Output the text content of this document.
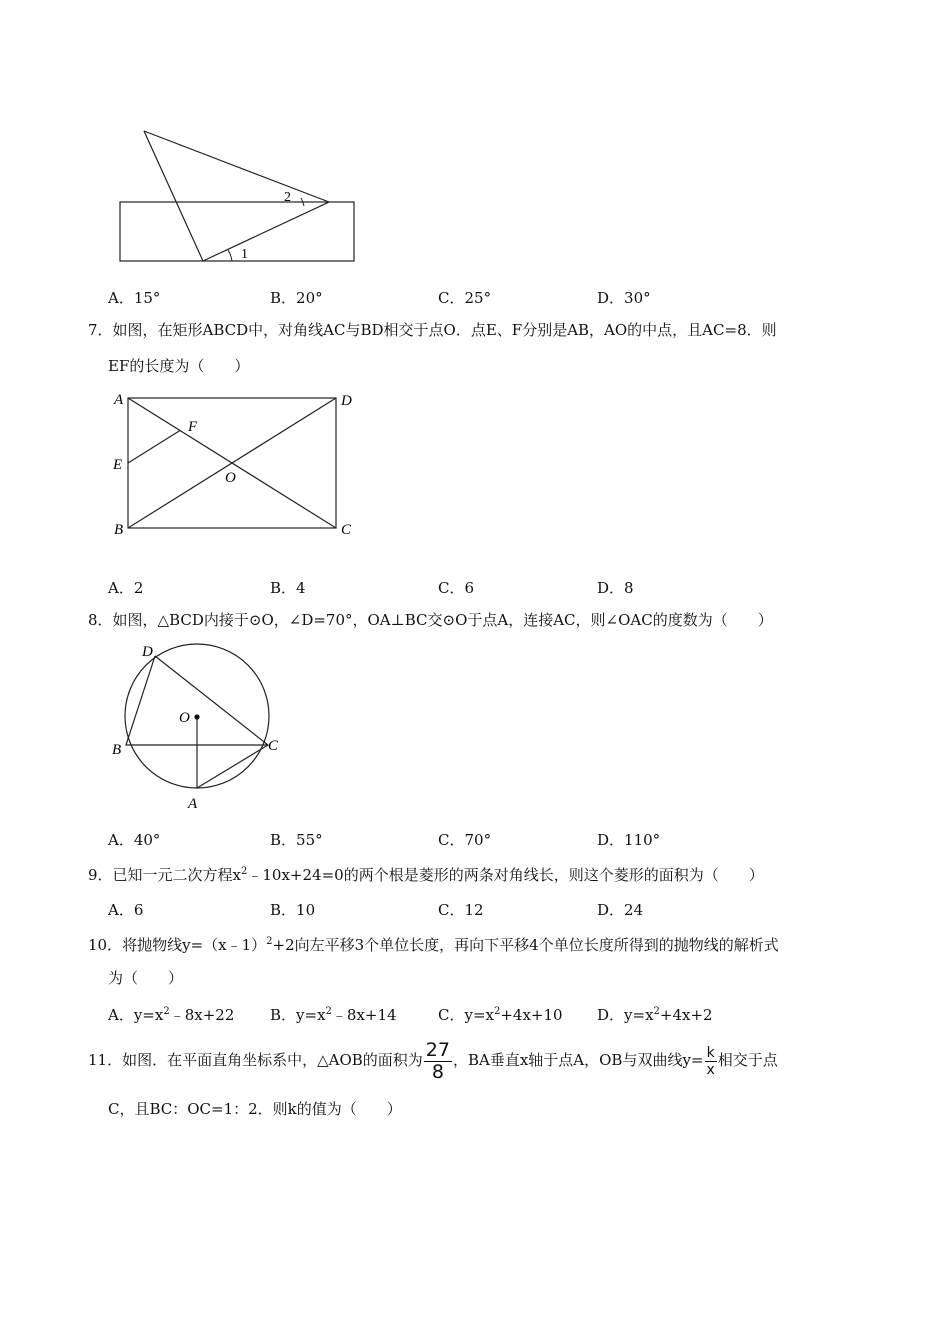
2
1
A．15°	B．20°	C．25°	D．30°
7．如图，在矩形ABCD中，对角线AC与BD相交于点O．点E、F分别是AB，AO的中点，且AC=8．则
EF的长度为（　　）
A	D
F
E
O
B	C
A．2	B．4	C．6	D．8
8．如图，△BCD内接于⊙O，∠D=70°，OA⊥BC交⊙O于点A，连接AC，则∠OAC的度数为（　　）
D
O
B	C
A
A．40°	B．55°	C．70°	D．110°
9．已知一元二次方程$x^2﹣10x+24=0$的两个根是菱形的两条对角线长，则这个菱形的面积为（　　）
A．6	B．10	C．12	D．24
10．将抛物线y=（x﹣1）$^2$+2向左平移3个单位长度，再向下平移4个单位长度所得到的抛物线的解析式
为（　　）
A．$y=x^2﹣8x+22$ B．$y=x^2﹣8x+14$	C．$y=x^2+4x+10$ D．$y=x^2+4x+2$
11．如图．在平面直角坐标系中，△AOB的面积为 $\frac{27}{8}$ ，BA垂直x轴于点A，OB与双曲线$y= \frac{k}{x}$ 相交于点
C，且BC：OC=1：2．则k的值为（　　）
